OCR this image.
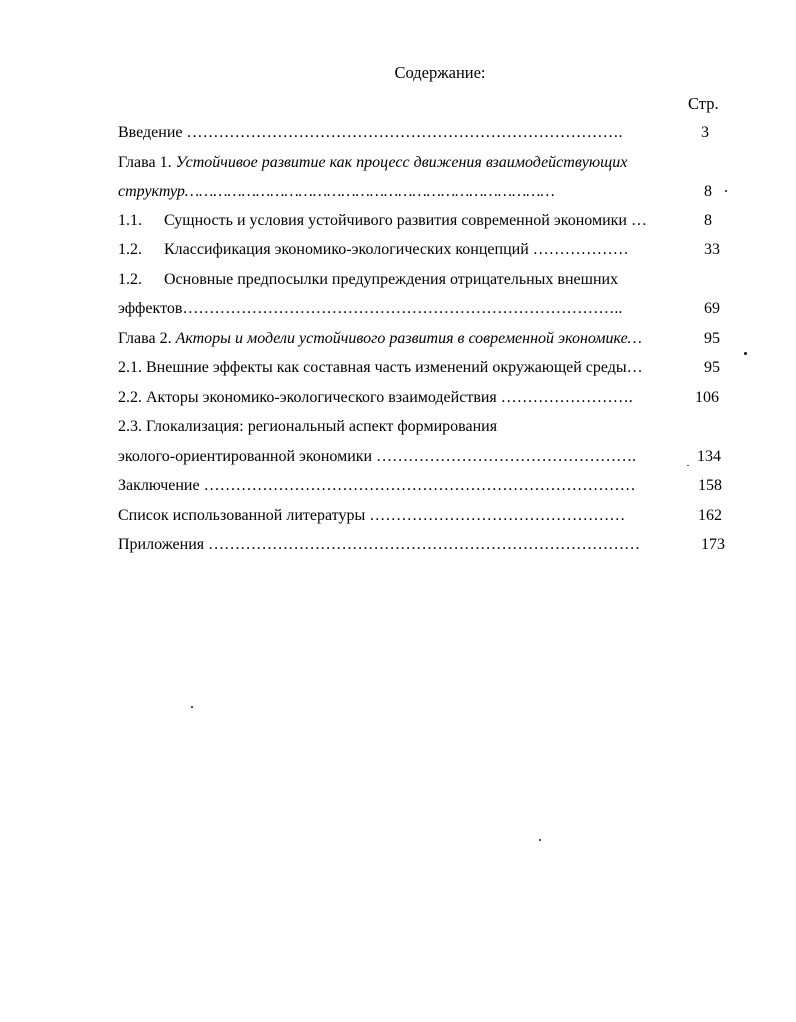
Содержание:
Стр.
Введение ……………………………………………………………………….	3
Глава 1. Устойчивое развитие как процесс движения взаимодействующих
структур……………………………………………………………………	8
1.1. Сущность и условия устойчивого развития современной экономики …	8
1.2. Классификация экономико-экологических концепций ………………	33
1.2. Основные предпосылки предупреждения отрицательных внешних
эффектов………………………………………………………………………..	69
Глава 2. Акторы и модели устойчивого развития в современной экономике…	95
2.1. Внешние эффекты как составная часть изменений окружающей среды…	95
2.2. Акторы экономико-экологического взаимодействия …………………….	106
2.3. Глокализация: региональный аспект формирования
эколого-ориентированной экономики ………………………………………….	134
Заключение ………………………………………………………………………	158
Список использованной литературы …………………………………………	162
Приложения ………………………………………………………………………	173
